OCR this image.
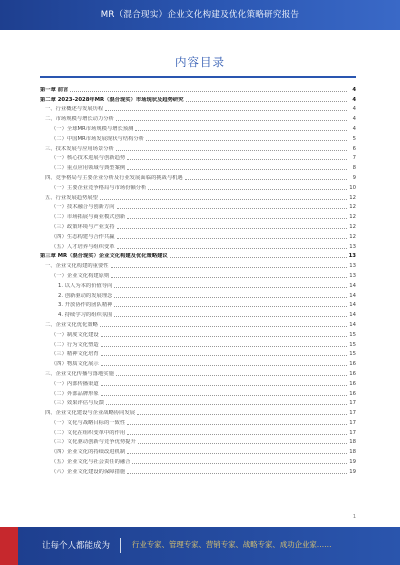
MR（混合现实）企业文化构建及优化策略研究报告
内容目录
第一章 前言	4
第二章 2023-2028年MR（混合现实）市场现状及趋势研究	4
一、行业概述与发展历程	4
二、市场规模与增长动力分析	4
（一）全球MR市场规模与增长预测	4
（二）中国MR市场发展现状与结构分析	5
三、技术发展与应用场景分析	6
（一）核心技术进展与创新趋势	7
（二）重点应用领域与典型案例	8
四、竞争格局与主要企业分析及行业发展面临的挑战与机遇	9
（一）主要企业竞争格局与市场份额分析	10
五、行业发展趋势展望	12
（一）技术融合与创新方向	12
（二）市场拓展与商业模式创新	12
（三）政策环境与产业支持	12
（四）生态构建与合作共赢	12
（五）人才培养与组织变革	13
第三章 MR（混合现实）企业文化构建及优化策略建议	13
一、企业文化构建的重要性	13
（一）企业文化构建原则	13
1. 以人为本的价值导向	14
2. 创新驱动的发展理念	14
3. 开放协作的团队精神	14
4. 持续学习的组织氛围	14
二、企业文化优化策略	14
（一）制度文化建设	15
（二）行为文化塑造	15
（三）精神文化培育	15
（四）物质文化展示	16
三、企业文化传播与落地实施	16
（一）内部传播渠道	16
（二）外部品牌形象	16
（三）效果评估与反馈	17
四、企业文化建设与企业战略协同发展	17
（一）文化与战略目标的一致性	17
（二）文化在组织变革中的作用	17
（三）文化驱动创新与竞争优势提升	18
（四）企业文化的持续改进机制	18
（五）企业文化与社会责任的融合	19
（六）企业文化建设的保障措施	19
1
让每个人都能成为	行业专家、管理专家、营销专家、战略专家、成功企业家……
